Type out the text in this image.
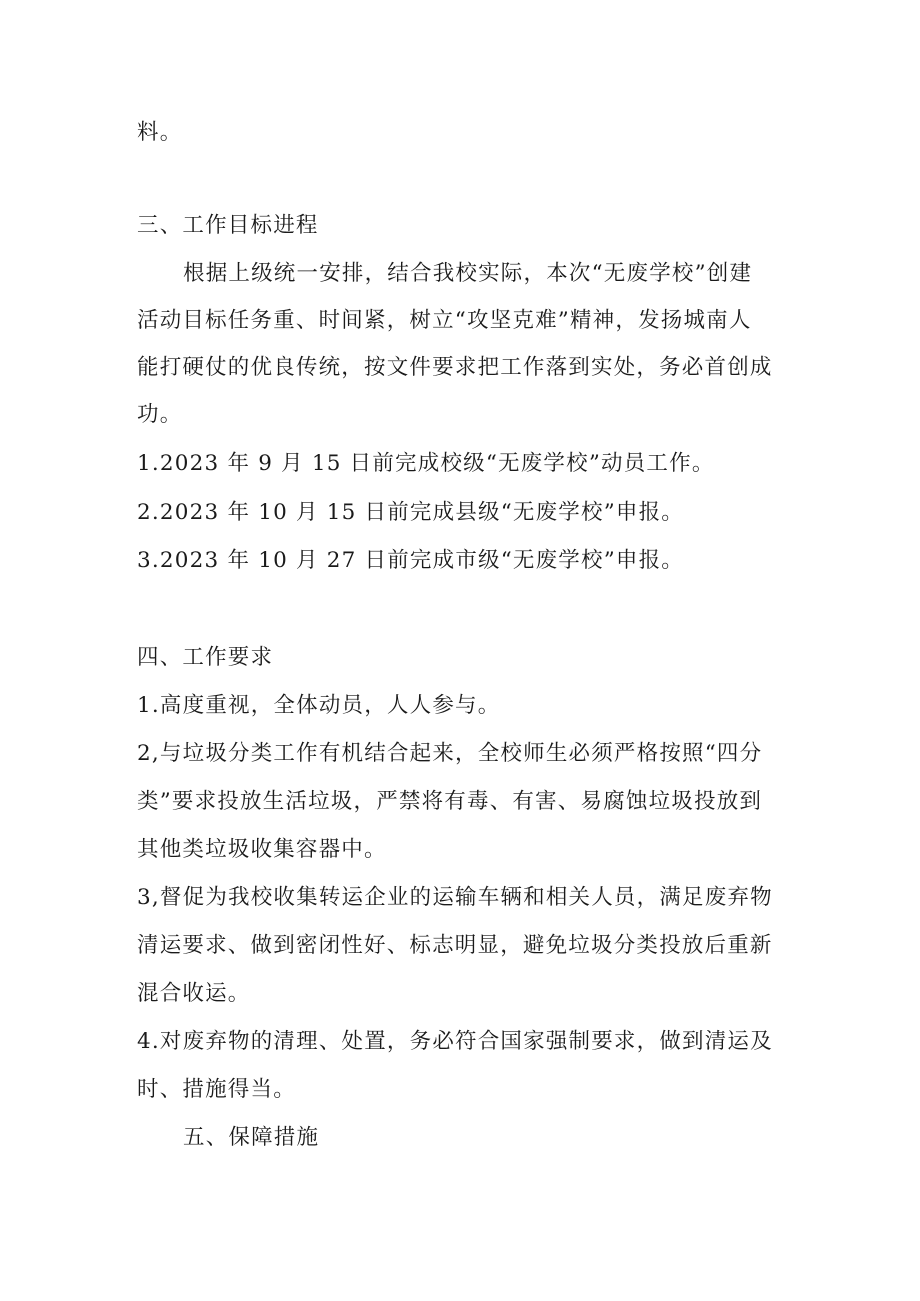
料。
三、工作目标进程
根据上级统一安排，结合我校实际，本次“无废学校”创建
活动目标任务重、时间紧，树立“攻坚克难”精神，发扬城南人
能打硬仗的优良传统，按文件要求把工作落到实处，务必首创成
功。
1.2023 年 9 月 15 日前完成校级“无废学校”动员工作。
2.2023 年 10 月 15 日前完成县级“无废学校”申报。
3.2023 年 10 月 27 日前完成市级“无废学校”申报。
四、工作要求
1.高度重视，全体动员，人人参与。
2,与垃圾分类工作有机结合起来，全校师生必须严格按照“四分
类”要求投放生活垃圾，严禁将有毒、有害、易腐蚀垃圾投放到
其他类垃圾收集容器中。
3,督促为我校收集转运企业的运输车辆和相关人员，满足废弃物
清运要求、做到密闭性好、标志明显，避免垃圾分类投放后重新
混合收运。
4.对废弃物的清理、处置，务必符合国家强制要求，做到清运及
时、措施得当。
五、保障措施
